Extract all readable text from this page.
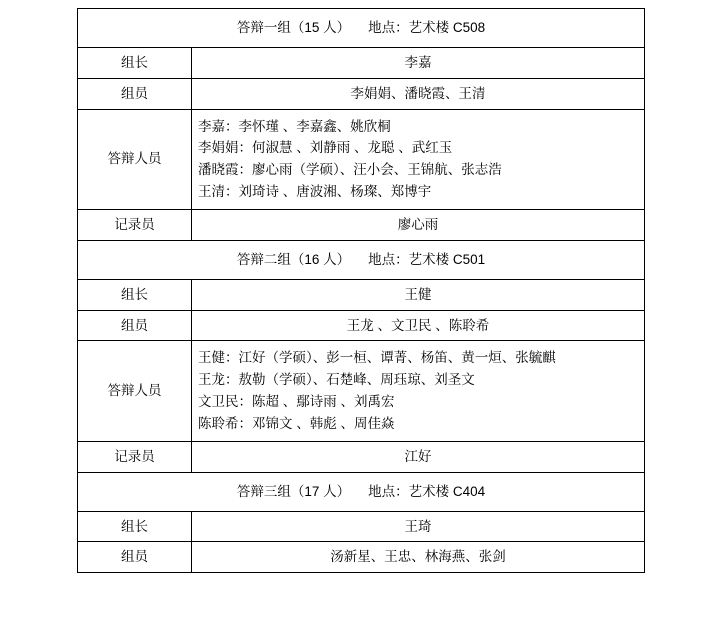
答辩一组（15 人） 地点：艺术楼 C508	
组长	李嘉
组员	李娟娟、潘晓霞、王清
答辩人员	李嘉：李怀瑾 、李嘉鑫、姚欣桐
李娟娟：何淑慧 、刘静雨 、龙聪 、武红玉
潘晓霞：廖心雨（学硕）、汪小会、王锦航、张志浩
王清：刘琦诗 、唐波湘、杨璨、郑博宇

记录员	廖心雨
答辩二组（16 人） 地点：艺术楼 C501	
组长	王健
组员	王龙 、文卫民 、陈聆希
答辩人员	王健：江好（学硕）、彭一桓、谭菁、杨笛、黄一烜、张毓麒
王龙：敖勒（学硕）、石楚峰、周珏琼、刘圣文
文卫民：陈超 、鄢诗雨 、刘禹宏
陈聆希：邓锦文 、韩彪 、周佳焱

记录员	江好
答辩三组（17 人） 地点：艺术楼 C404	
组长	王琦
组员	汤新星、王忠、林海燕、张剑
